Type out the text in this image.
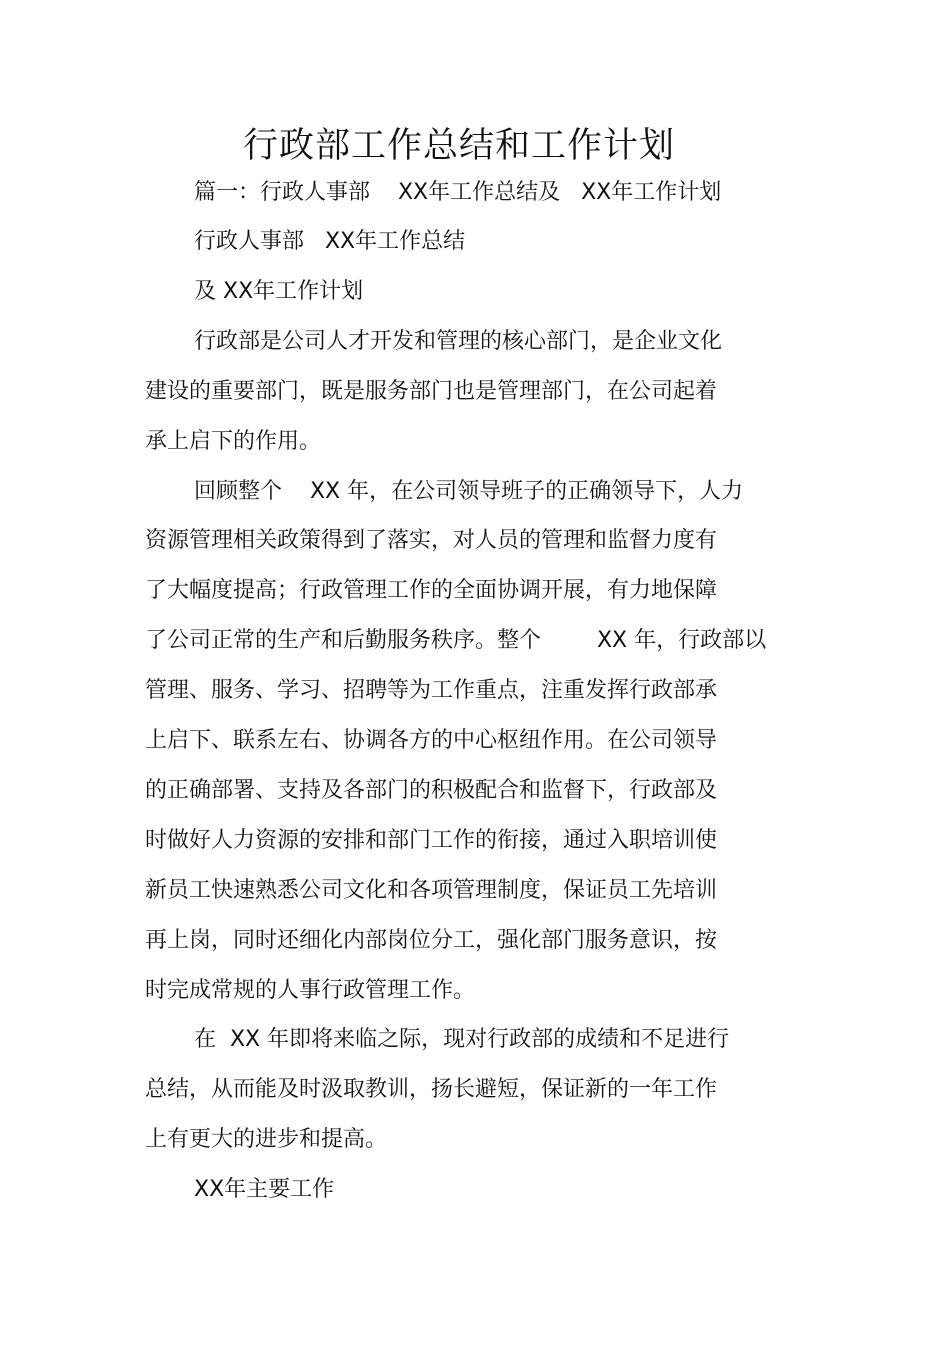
行政部工作总结和工作计划
篇一：行政人事部    XX年工作总结及   XX年工作计划
行政人事部   XX年工作总结
及 XX年工作计划
行政部是公司人才开发和管理的核心部门，是企业文化
建设的重要部门，既是服务部门也是管理部门，在公司起着
承上启下的作用。
回顾整个    XX 年，在公司领导班子的正确领导下，人力
资源管理相关政策得到了落实，对人员的管理和监督力度有
了大幅度提高；行政管理工作的全面协调开展，有力地保障
了公司正常的生产和后勤服务秩序。整个        XX 年，行政部以
管理、服务、学习、招聘等为工作重点，注重发挥行政部承
上启下、联系左右、协调各方的中心枢纽作用。在公司领导
的正确部署、支持及各部门的积极配合和监督下，行政部及
时做好人力资源的安排和部门工作的衔接，通过入职培训使
新员工快速熟悉公司文化和各项管理制度，保证员工先培训
再上岗，同时还细化内部岗位分工，强化部门服务意识，按
时完成常规的人事行政管理工作。
在  XX 年即将来临之际，现对行政部的成绩和不足进行
总结，从而能及时汲取教训，扬长避短，保证新的一年工作
上有更大的进步和提高。
XX年主要工作
